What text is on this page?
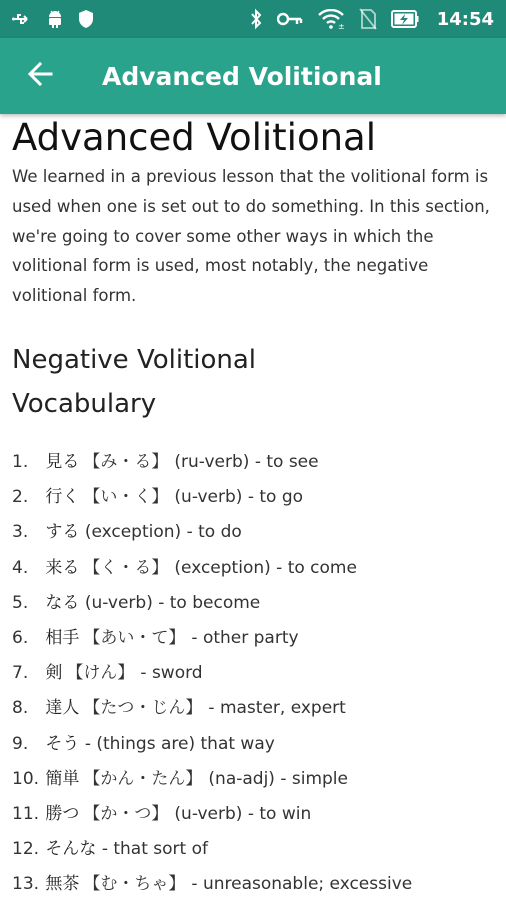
±	14:54
Advanced Volitional
Advanced Volitional

We learned in a previous lesson that the volitional form is used when one is set out to do something. In this section, we're going to cover some other ways in which the volitional form is used, most notably, the negative volitional form.

Negative Volitional
Vocabulary
1. 見る 【み・る】 (ru-verb) - to see
2. 行く 【い・く】 (u-verb) - to go
3. する (exception) - to do
4. 来る 【く・る】 (exception) - to come
5. なる (u-verb) - to become
6. 相手 【あい・て】 - other party
7. 剣 【けん】 - sword
8. 達人 【たつ・じん】 - master, expert
9. そう - (things are) that way
10. 簡単 【かん・たん】 (na-adj) - simple
11. 勝つ 【か・つ】 (u-verb) - to win
12. そんな - that sort of
13. 無茶 【む・ちゃ】 - unreasonable; excessive
